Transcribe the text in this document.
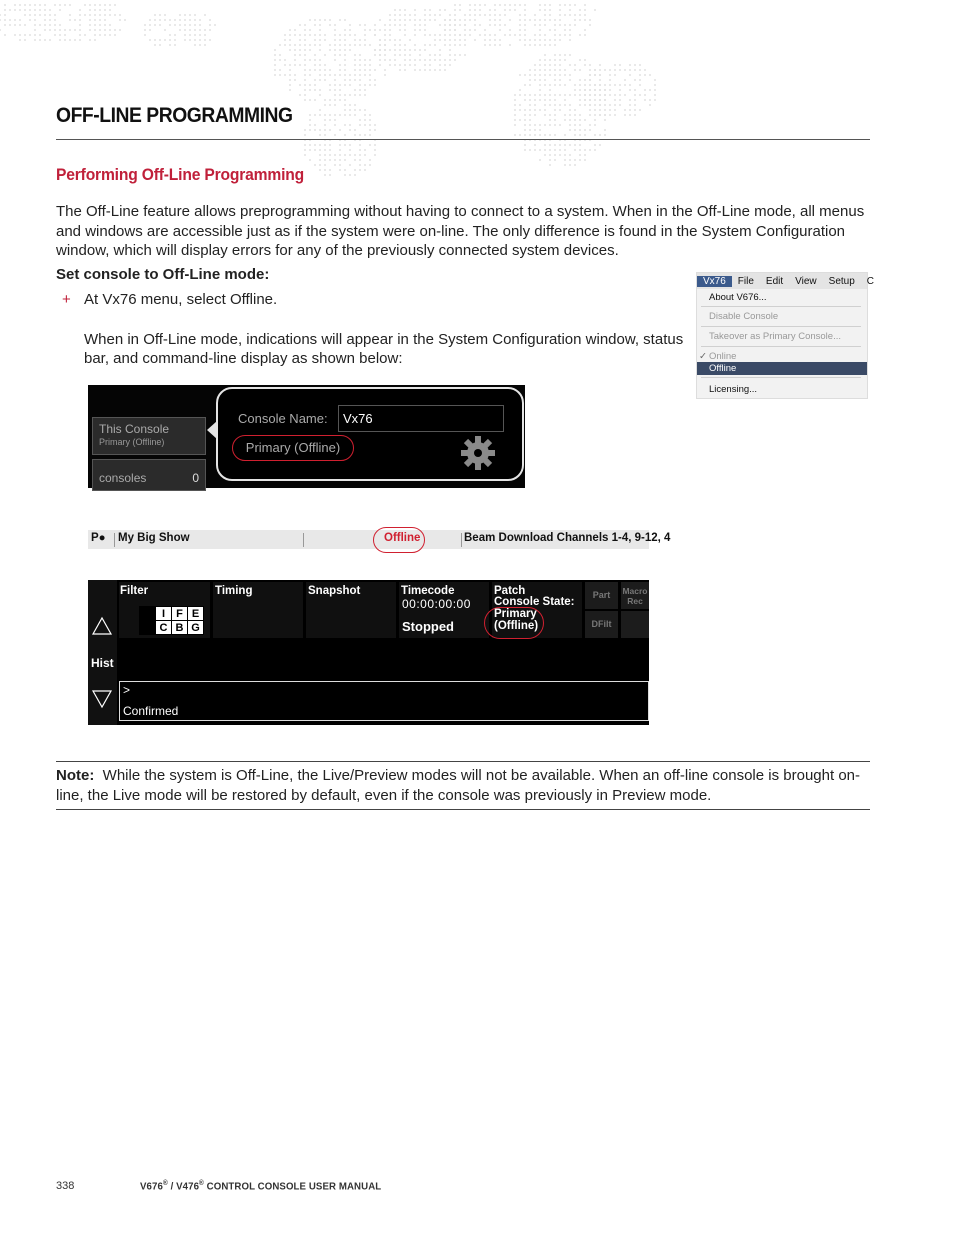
OFF-LINE PROGRAMMING
Performing Off-Line Programming
The Off-Line feature allows preprogramming without having to connect to a system. When in the Off-Line mode, all menus and windows are accessible just as if the system were on-line. The only difference is found in the System Configuration window, which will display errors for any of the previously connected system devices.
Set console to Off-Line mode:
+ At Vx76 menu, select Offline.
When in Off-Line mode, indications will appear in the System Configuration window, status bar, and command-line display as shown below:
Vx76	File	Edit	View	Setup	C
About V676...
Disable Console
Takeover as Primary Console...
✓ Online
Offline
Licensing...
This Console
Primary (Offline)
consoles	0
Console Name:	Vx76
Primary (Offline)
P● My Big Show	Offline	Beam Download Channels 1-4, 9-12, 4
Hist
Filter
	I	F	E
	C	B	G
Timing	Snapshot	Timecode
00:00:00:00
Stopped
Patch
Console State:
Primary
(Offline)
Part	Macro
Rec
DFilt
>
Confirmed
Note: While the system is Off-Line, the Live/Preview modes will not be available. When an off-line console is brought on-line, the Live mode will be restored by default, even if the console was previously in Preview mode.
338	V676® / V476® CONTROL CONSOLE USER MANUAL
